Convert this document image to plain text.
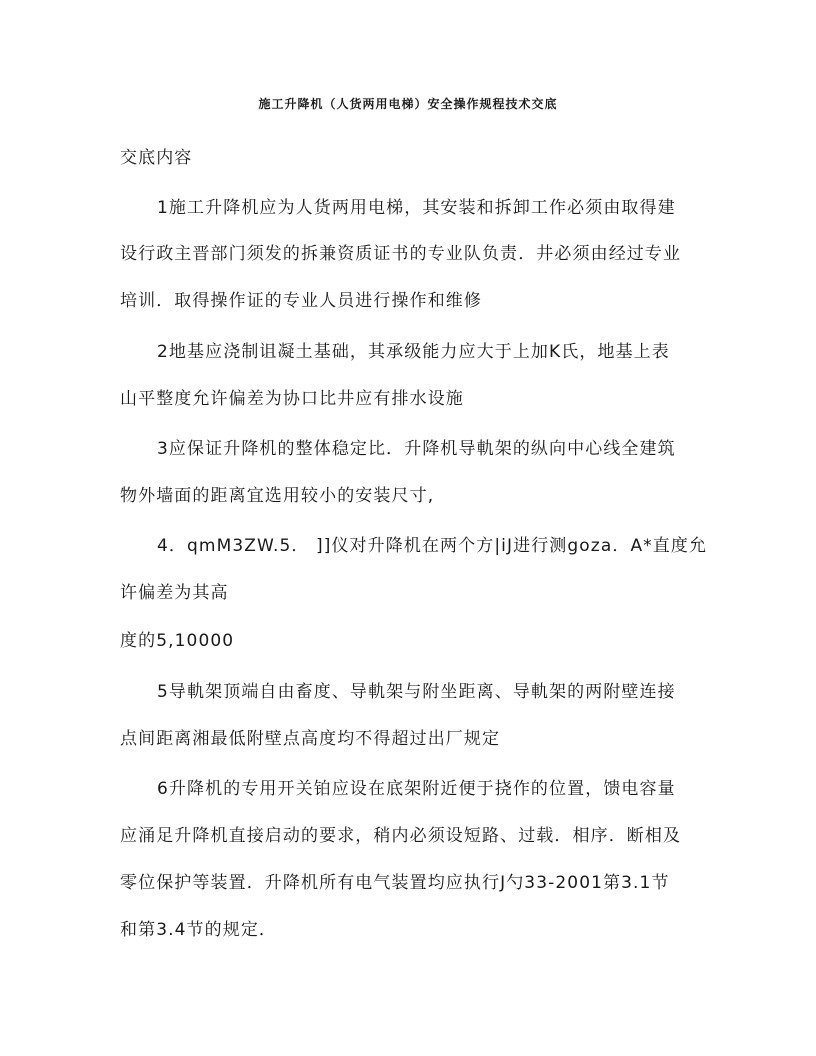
施工升降机（人货两用电梯）安全操作规程技术交底
交底内容
1施工升降机应为人货两用电梯，其安装和拆卸工作必须由取得建
设行政主晋部门须发的拆兼资质证书的专业队负责．井必须由经过专业
培训．取得操作证的专业人员进行操作和维修
2地基应浇制诅凝土基础，其承级能力应大于上加K氏，地基上表
山平整度允许偏差为协口比井应有排水设施
3应保证升降机的整体稳定比．升降机导軌架的纵向中心线全建筑
物外墙面的距离宜选用较小的安装尺寸,
4．qmM3ZW.5． ]]仪对升降机在两个方|iJ进行测goza．A*直度允
许偏差为其高
度的5,10000
5导軌架顶端自由畜度、导軌架与附坐距离、导軌架的两附壁连接
点间距离湘最低附壁点高度均不得超过出厂规定
6升降机的专用开关铂应设在底架附近便于挠作的位置，馈电容量
应涌足升降机直接启动的要求，稍内必须设短路、过载．相序．断相及
零位保护等装置．升降机所有电气装置均应执行J勺33-2001第3.1节
和第3.4节的规定．
